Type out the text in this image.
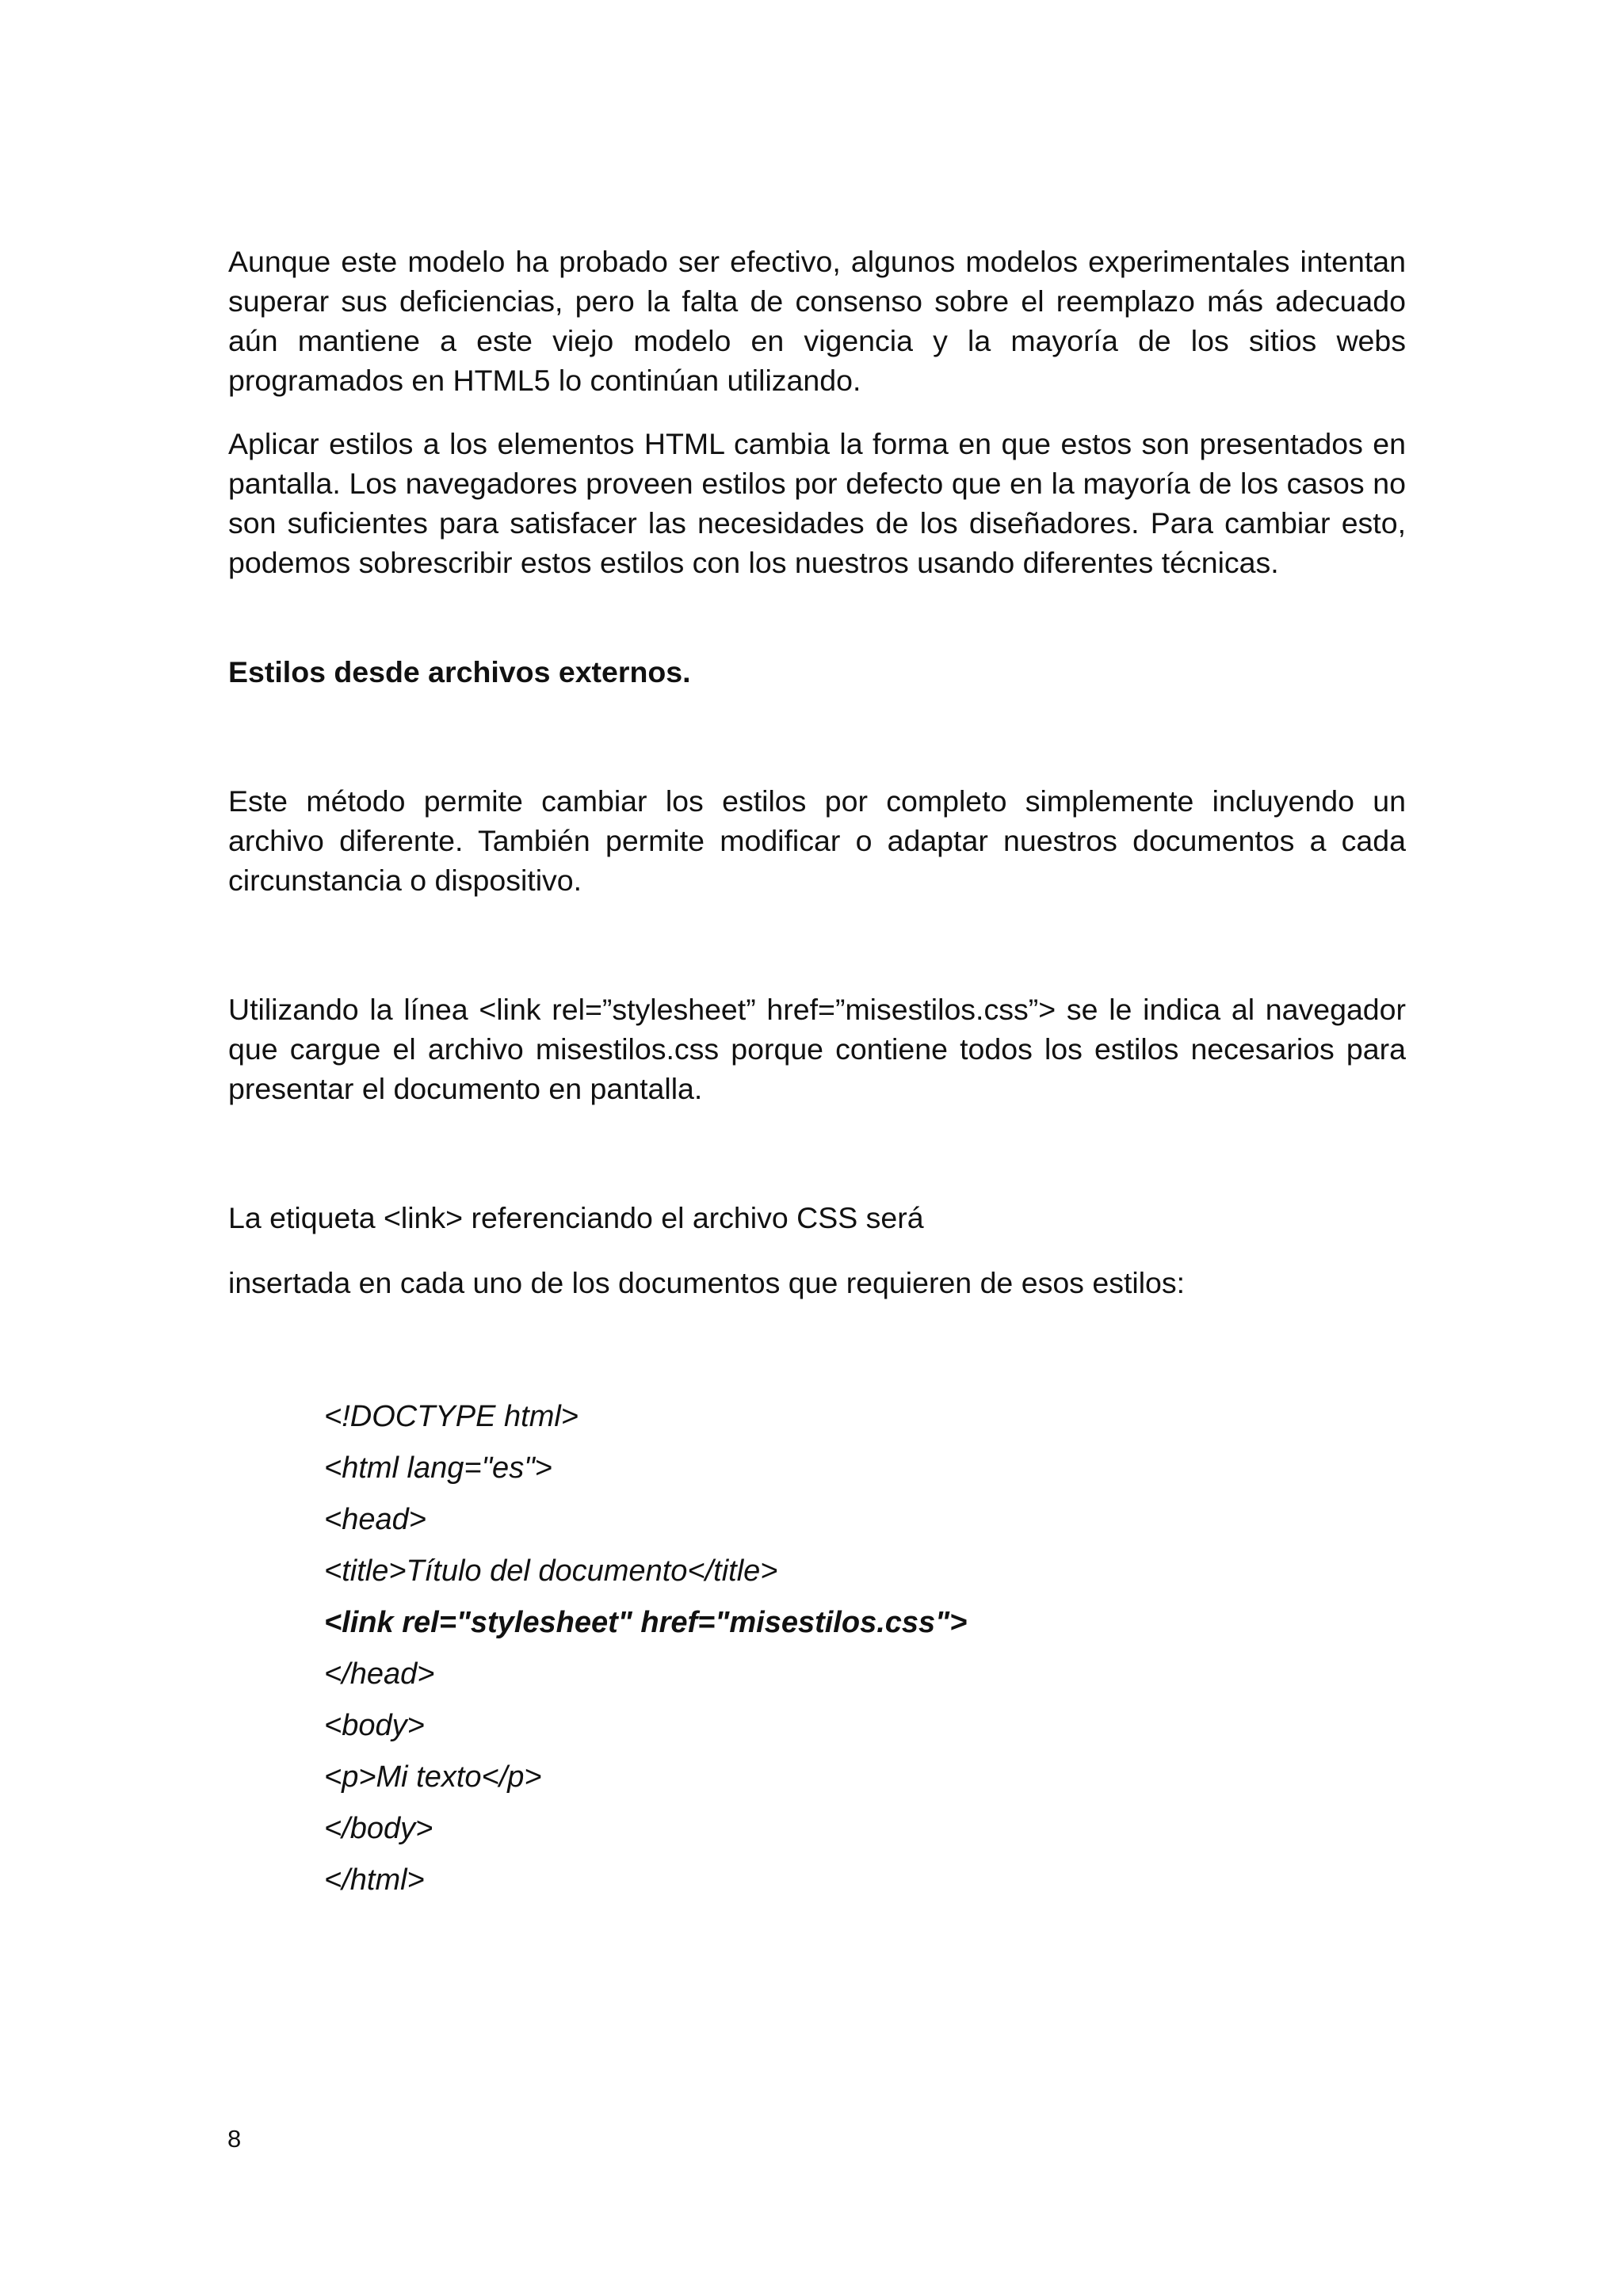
Aunque este modelo ha probado ser efectivo, algunos modelos experimentales intentan superar sus deficiencias, pero la falta de consenso sobre el reemplazo más adecuado aún mantiene a este viejo modelo en vigencia y la mayoría de los sitios webs programados en HTML5 lo continúan utilizando.

Aplicar estilos a los elementos HTML cambia la forma en que estos son presentados en pantalla. Los navegadores proveen estilos por defecto que en la mayoría de los casos no son suficientes para satisfacer las necesidades de los diseñadores. Para cambiar esto, podemos sobrescribir estos estilos con los nuestros usando diferentes técnicas.

Estilos desde archivos externos.

Este método permite cambiar los estilos por completo simplemente incluyendo un archivo diferente. También permite modificar o adaptar nuestros documentos a cada circunstancia o dispositivo.

Utilizando la línea <link rel=”stylesheet” href=”misestilos.css”> se le indica al navegador que cargue el archivo misestilos.css porque contiene todos los estilos necesarios para presentar el documento en pantalla.

La etiqueta <link> referenciando el archivo CSS será

insertada en cada uno de los documentos que requieren de esos estilos:

<!DOCTYPE html>

<html lang="es">

<head>

<title>Título del documento</title>

<link rel="stylesheet" href="misestilos.css">

</head>

<body>

<p>Mi texto</p>

</body>

</html>

8
